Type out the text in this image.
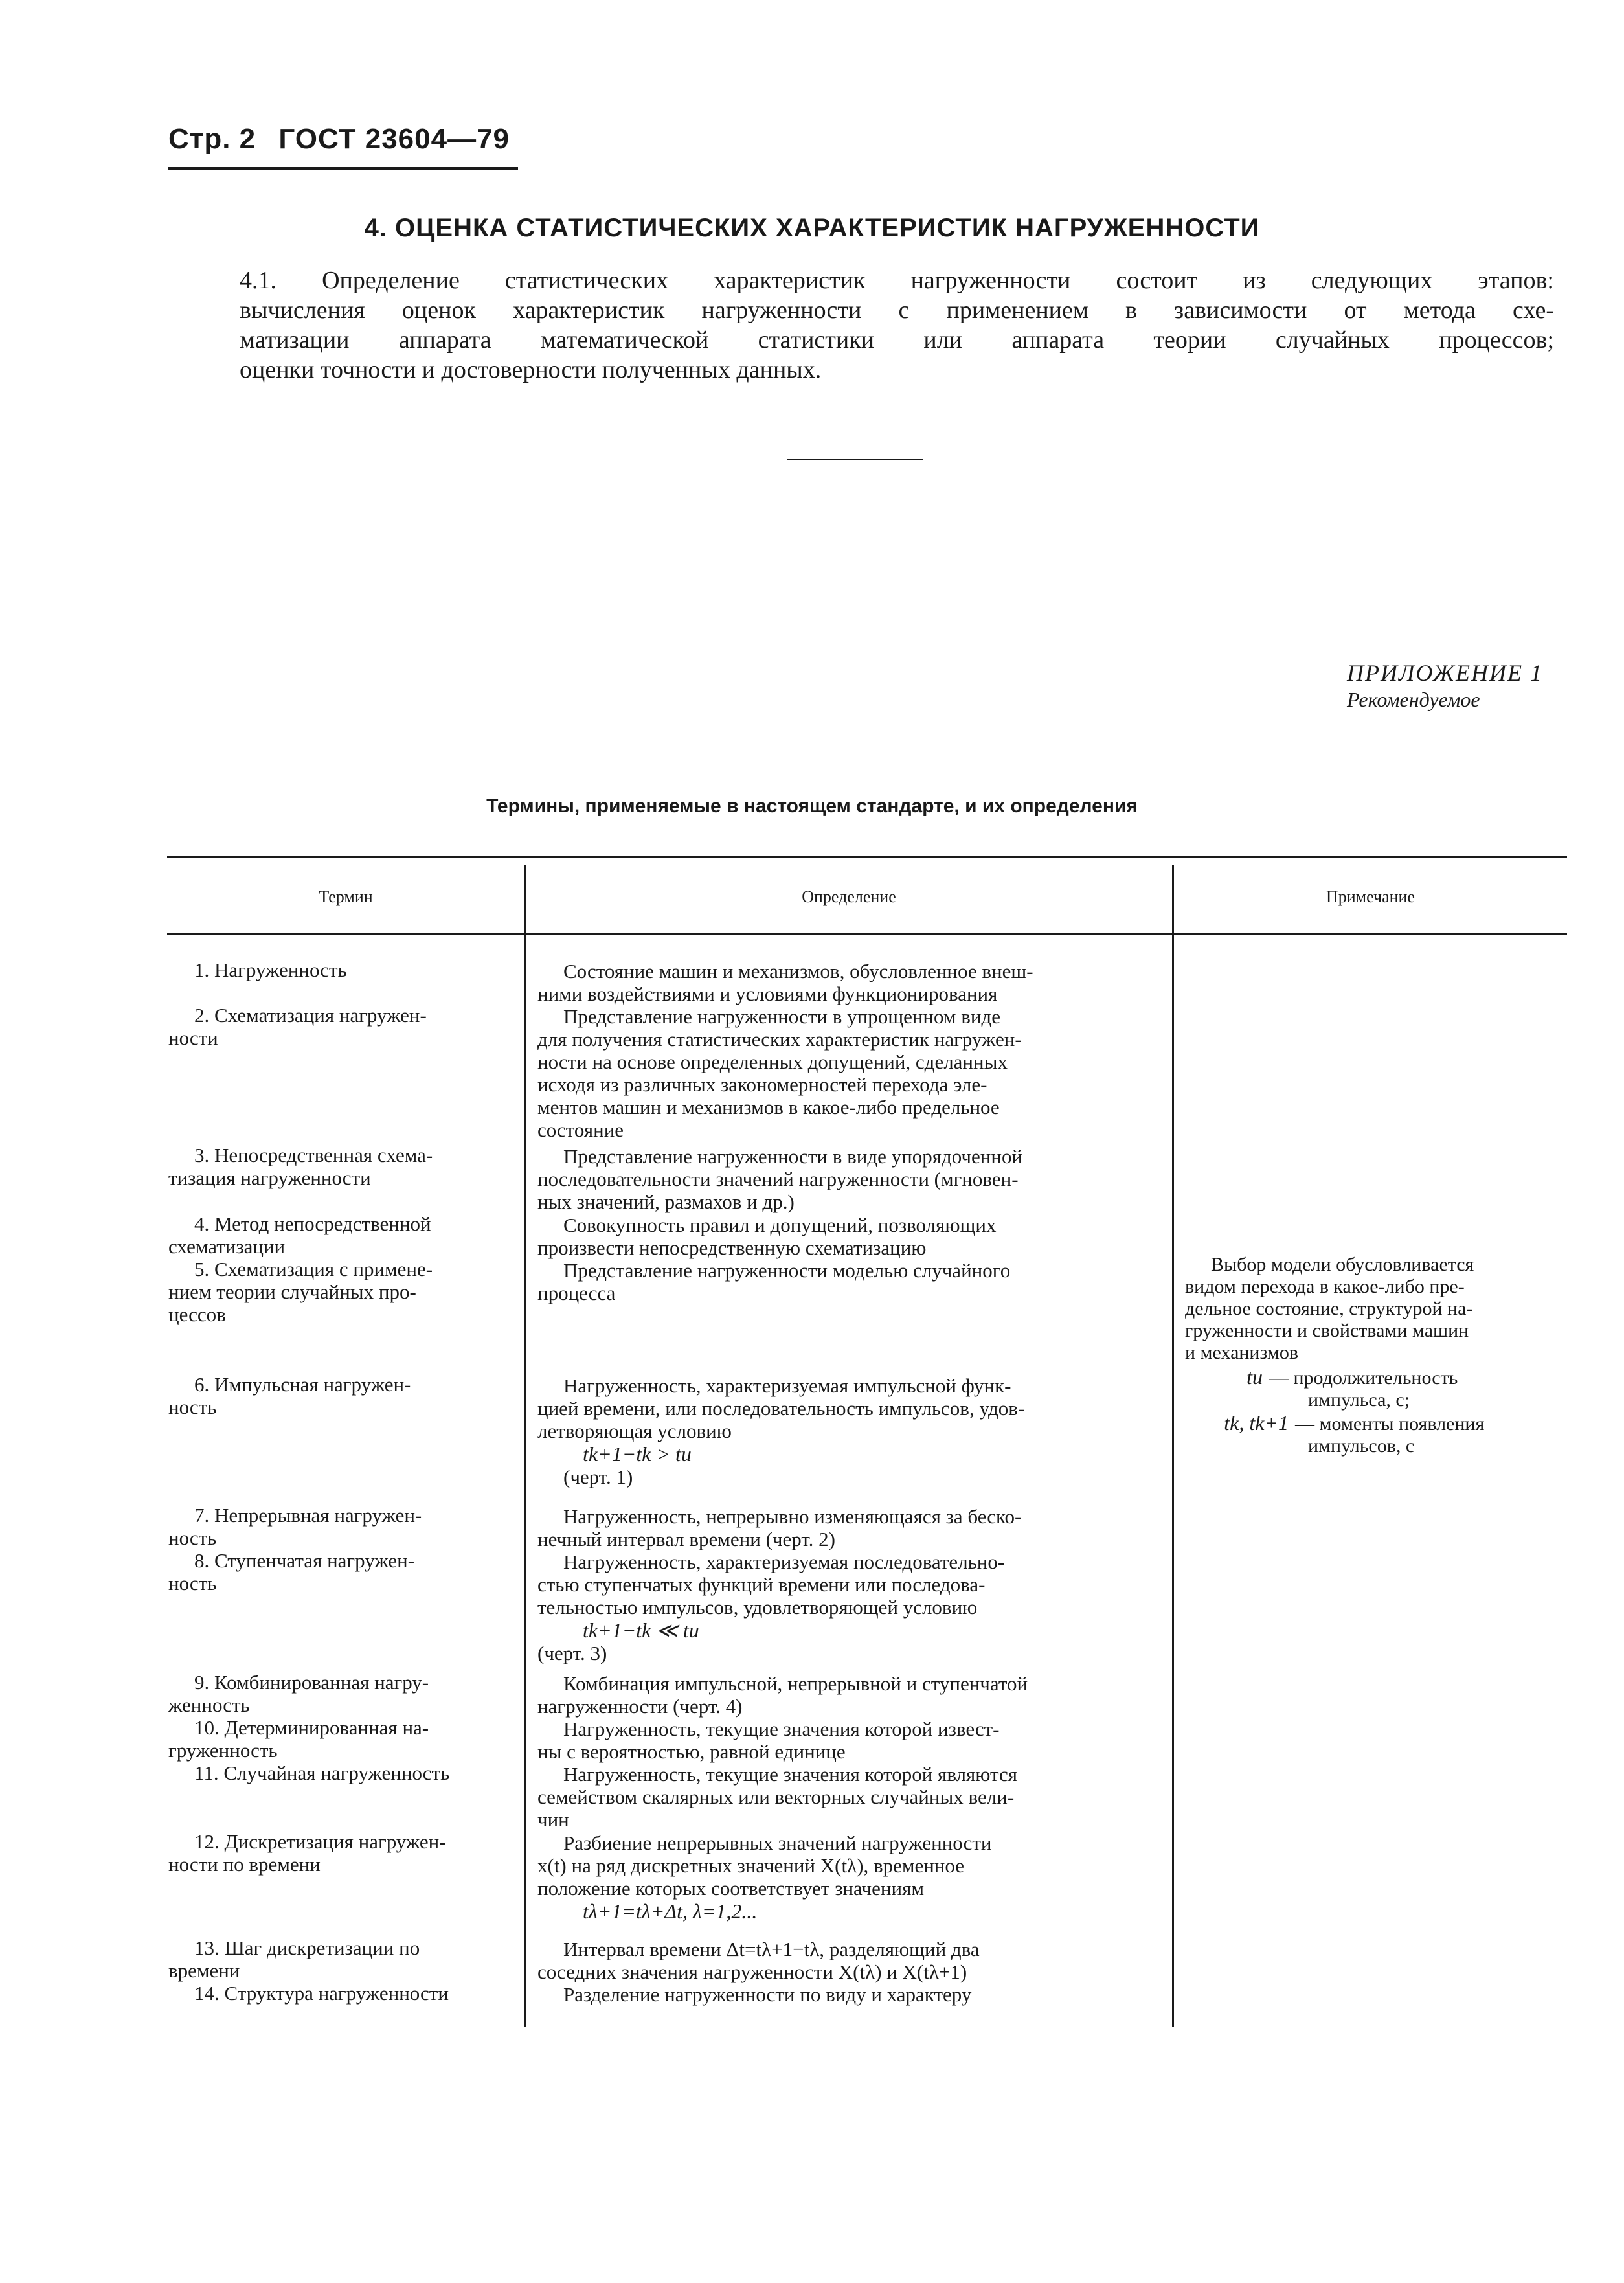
Стр. 2 ГОСТ 23604—79
4. ОЦЕНКА СТАТИСТИЧЕСКИХ ХАРАКТЕРИСТИК НАГРУЖЕННОСТИ
4.1. Определение статистических характеристик нагруженности состоит из следующих этапов:
вычисления оценок характеристик нагруженности с применением в зависимости от метода схе-
матизации аппарата математической статистики или аппарата теории случайных процессов;
оценки точности и достоверности полученных данных.
ПРИЛОЖЕНИЕ 1
Рекомендуемое
Термины, применяемые в настоящем стандарте, и их определения
Термин	Определение	Примечание
1. Нагруженность
2. Схематизация нагружен-
ности
3. Непосредственная схема-
тизация нагруженности
4. Метод непосредственной
схематизации
5. Схематизация с примене-
нием теории случайных про-
цессов
6. Импульсная нагружен-
ность
7. Непрерывная нагружен-
ность
8. Ступенчатая нагружен-
ность
9. Комбинированная нагру-
женность
10. Детерминированная на-
груженность
11. Случайная нагруженность
12. Дискретизация нагружен-
ности по времени
13. Шаг дискретизации по
времени
14. Структура нагруженности
Состояние машин и механизмов, обусловленное внеш-
ними воздействиями и условиями функционирования
Представление нагруженности в упрощенном виде
для получения статистических характеристик нагружен-
ности на основе определенных допущений, сделанных
исходя из различных закономерностей перехода эле-
ментов машин и механизмов в какое-либо предельное
состояние
Представление нагруженности в виде упорядоченной
последовательности значений нагруженности (мгновен-
ных значений, размахов и др.)
Совокупность правил и допущений, позволяющих
произвести непосредственную схематизацию
Представление нагруженности моделью случайного
процесса
Нагруженность, характеризуемая импульсной функ-
цией времени, или последовательность импульсов, удов-
летворяющая условию
tk+1−tk > tu
(черт. 1)
Нагруженность, непрерывно изменяющаяся за беско-
нечный интервал времени (черт. 2)
Нагруженность, характеризуемая последовательно-
стью ступенчатых функций времени или последова-
тельностью импульсов, удовлетворяющей условию
tk+1−tk ≪ tu
(черт. 3)
Комбинация импульсной, непрерывной и ступенчатой
нагруженности (черт. 4)
Нагруженность, текущие значения которой извест-
ны с вероятностью, равной единице
Нагруженность, текущие значения которой являются
семейством скалярных или векторных случайных вели-
чин
Разбиение непрерывных значений нагруженности
x(t) на ряд дискретных значений X(tλ), временное
положение которых соответствует значениям
tλ+1=tλ+Δt, λ=1,2...
Интервал времени Δt=tλ+1−tλ, разделяющий два
соседних значения нагруженности X(tλ) и X(tλ+1)
Разделение нагруженности по виду и характеру
Выбор модели обусловливается
видом перехода в какое-либо пре-
дельное состояние, структурой на-
груженности и свойствами машин
и механизмов
tu — продолжительность
импульса, с;
tk, tk+1 — моменты появления
импульсов, с
